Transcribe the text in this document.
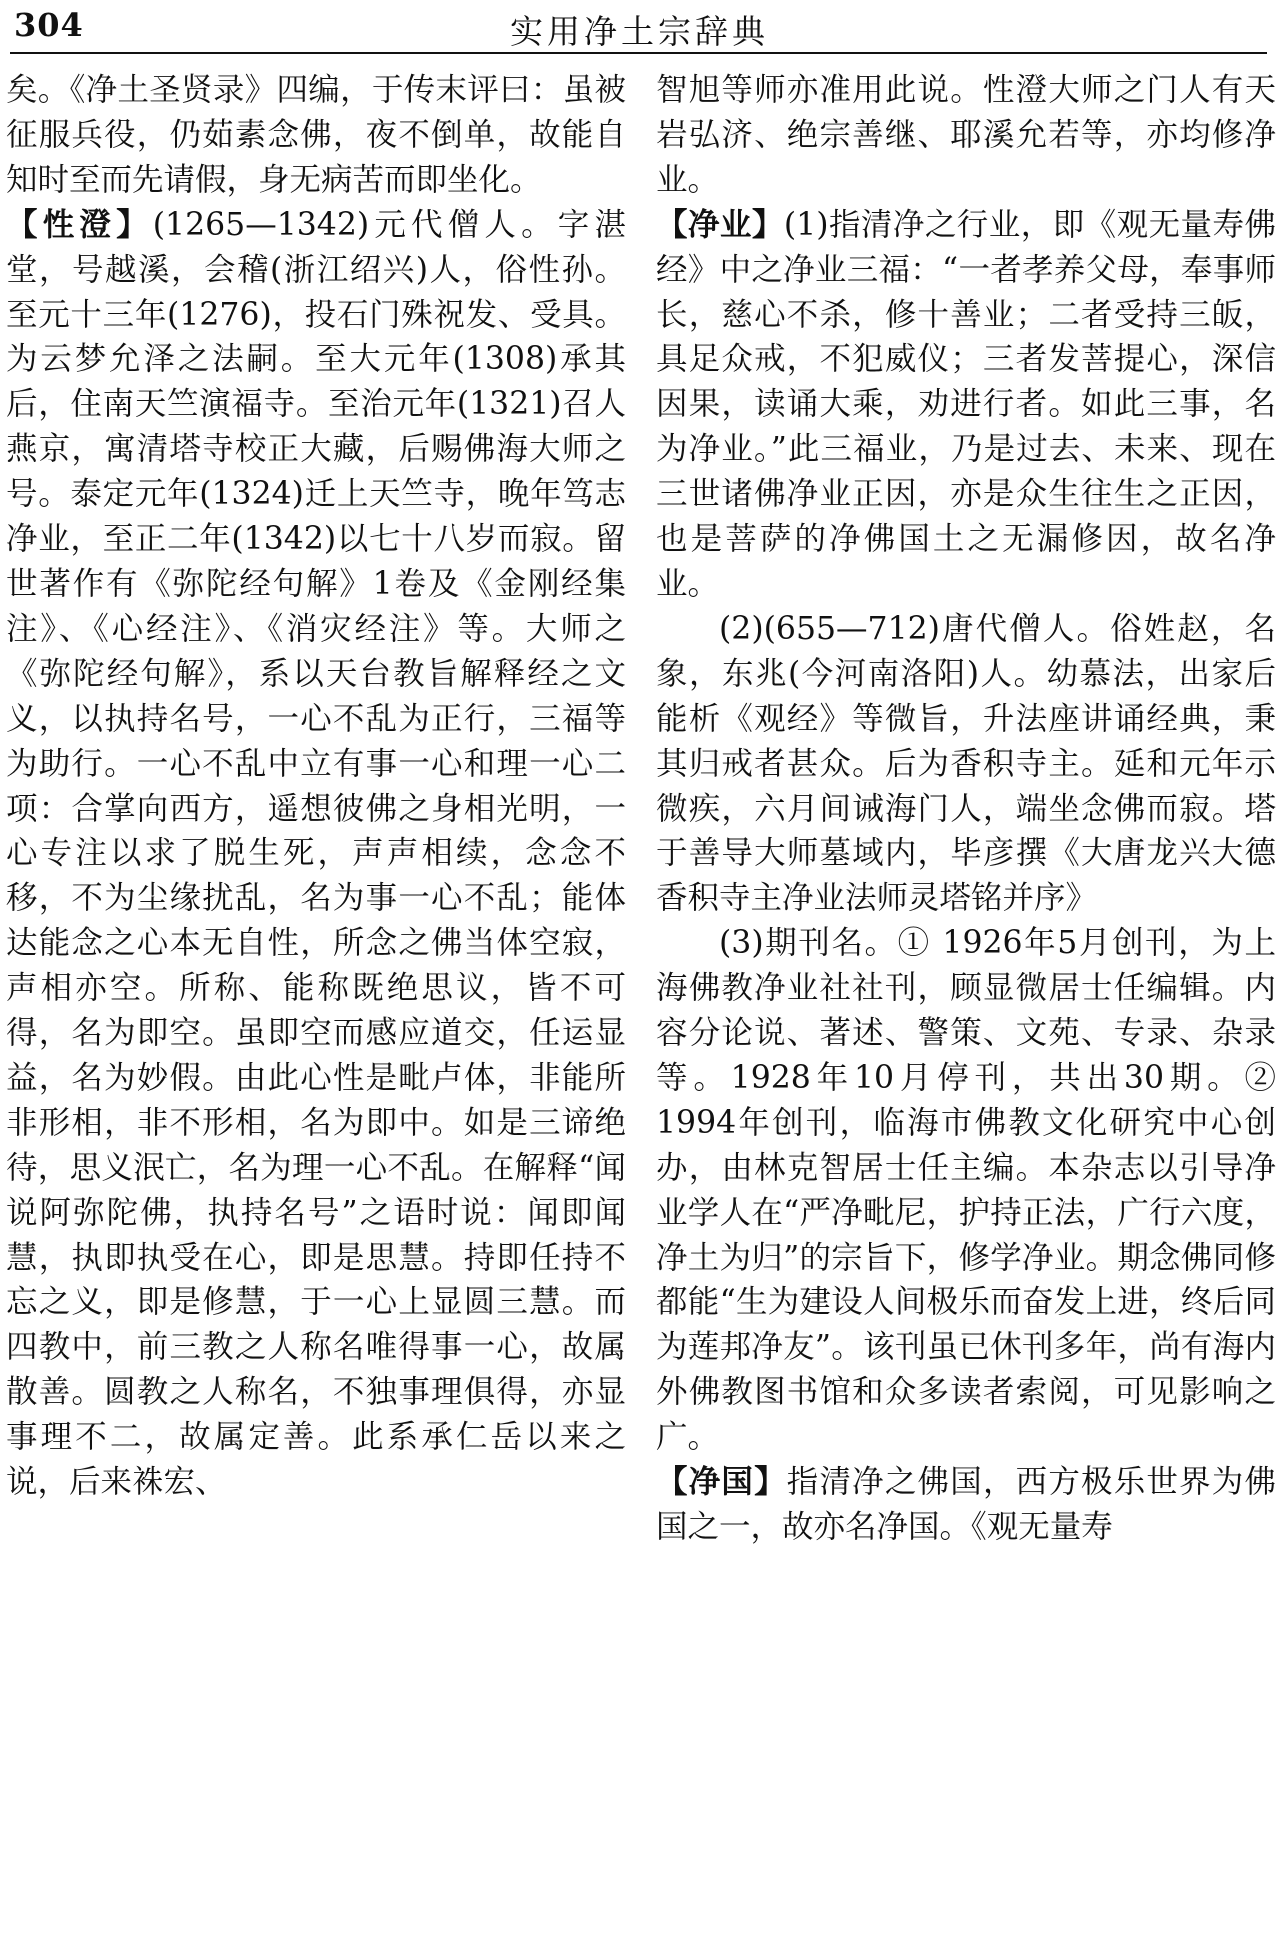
304	实用净土宗辞典

矣。《净土圣贤录》四编，于传末评曰：虽被征服兵役，仍茹素念佛，夜不倒单，故能自知时至而先请假，身无病苦而即坐化。

【性澄】(1265—1342)元代僧人。字湛堂，号越溪，会稽(浙江绍兴)人，俗性孙。至元十三年(1276)，投石门殊祝发、受具。为云梦允泽之法嗣。至大元年(1308)承其后，住南天竺演福寺。至治元年(1321)召人燕京，寓清塔寺校正大藏，后赐佛海大师之号。泰定元年(1324)迁上天竺寺，晚年笃志净业，至正二年(1342)以七十八岁而寂。留世著作有《弥陀经句解》1卷及《金刚经集注》、《心经注》、《消灾经注》等。大师之《弥陀经句解》，系以天台教旨解释经之文义，以执持名号，一心不乱为正行，三福等为助行。一心不乱中立有事一心和理一心二项：合掌向西方，遥想彼佛之身相光明，一心专注以求了脱生死，声声相续，念念不移，不为尘缘扰乱，名为事一心不乱；能体达能念之心本无自性，所念之佛当体空寂，声相亦空。所称、能称既绝思议，皆不可得，名为即空。虽即空而感应道交，任运显益，名为妙假。由此心性是毗卢体，非能所非形相，非不形相，名为即中。如是三谛绝待，思义泯亡，名为理一心不乱。在解释“闻说阿弥陀佛，执持名号”之语时说：闻即闻慧，执即执受在心，即是思慧。持即任持不忘之义，即是修慧，于一心上显圆三慧。而四教中，前三教之人称名唯得事一心，故属散善。圆教之人称名，不独事理俱得，亦显事理不二，故属定善。此系承仁岳以来之说，后来袾宏、

智旭等师亦准用此说。性澄大师之门人有天岩弘济、绝宗善继、耶溪允若等，亦均修净业。

【净业】(1)指清净之行业，即《观无量寿佛经》中之净业三福：“一者孝养父母，奉事师长，慈心不杀，修十善业；二者受持三皈，具足众戒，不犯威仪；三者发菩提心，深信因果，读诵大乘，劝进行者。如此三事，名为净业。”此三福业，乃是过去、未来、现在三世诸佛净业正因，亦是众生往生之正因，也是菩萨的净佛国土之无漏修因，故名净业。

(2)(655—712)唐代僧人。俗姓赵，名象，东兆(今河南洛阳)人。幼慕法，出家后能析《观经》等微旨，升法座讲诵经典，秉其归戒者甚众。后为香积寺主。延和元年示微疾，六月间诫海门人，端坐念佛而寂。塔于善导大师墓域内，毕彦撰《大唐龙兴大德香积寺主净业法师灵塔铭并序》

(3)期刊名。① 1926年5月创刊，为上海佛教净业社社刊，顾显微居士任编辑。内容分论说、著述、警策、文苑、专录、杂录等。1928年10月停刊，共出30期。② 1994年创刊，临海市佛教文化研究中心创办，由林克智居士任主编。本杂志以引导净业学人在“严净毗尼，护持正法，广行六度，净土为归”的宗旨下，修学净业。期念佛同修都能“生为建设人间极乐而奋发上进，终后同为莲邦净友”。该刊虽已休刊多年，尚有海内外佛教图书馆和众多读者索阅，可见影响之广。

【净国】指清净之佛国，西方极乐世界为佛国之一，故亦名净国。《观无量寿
